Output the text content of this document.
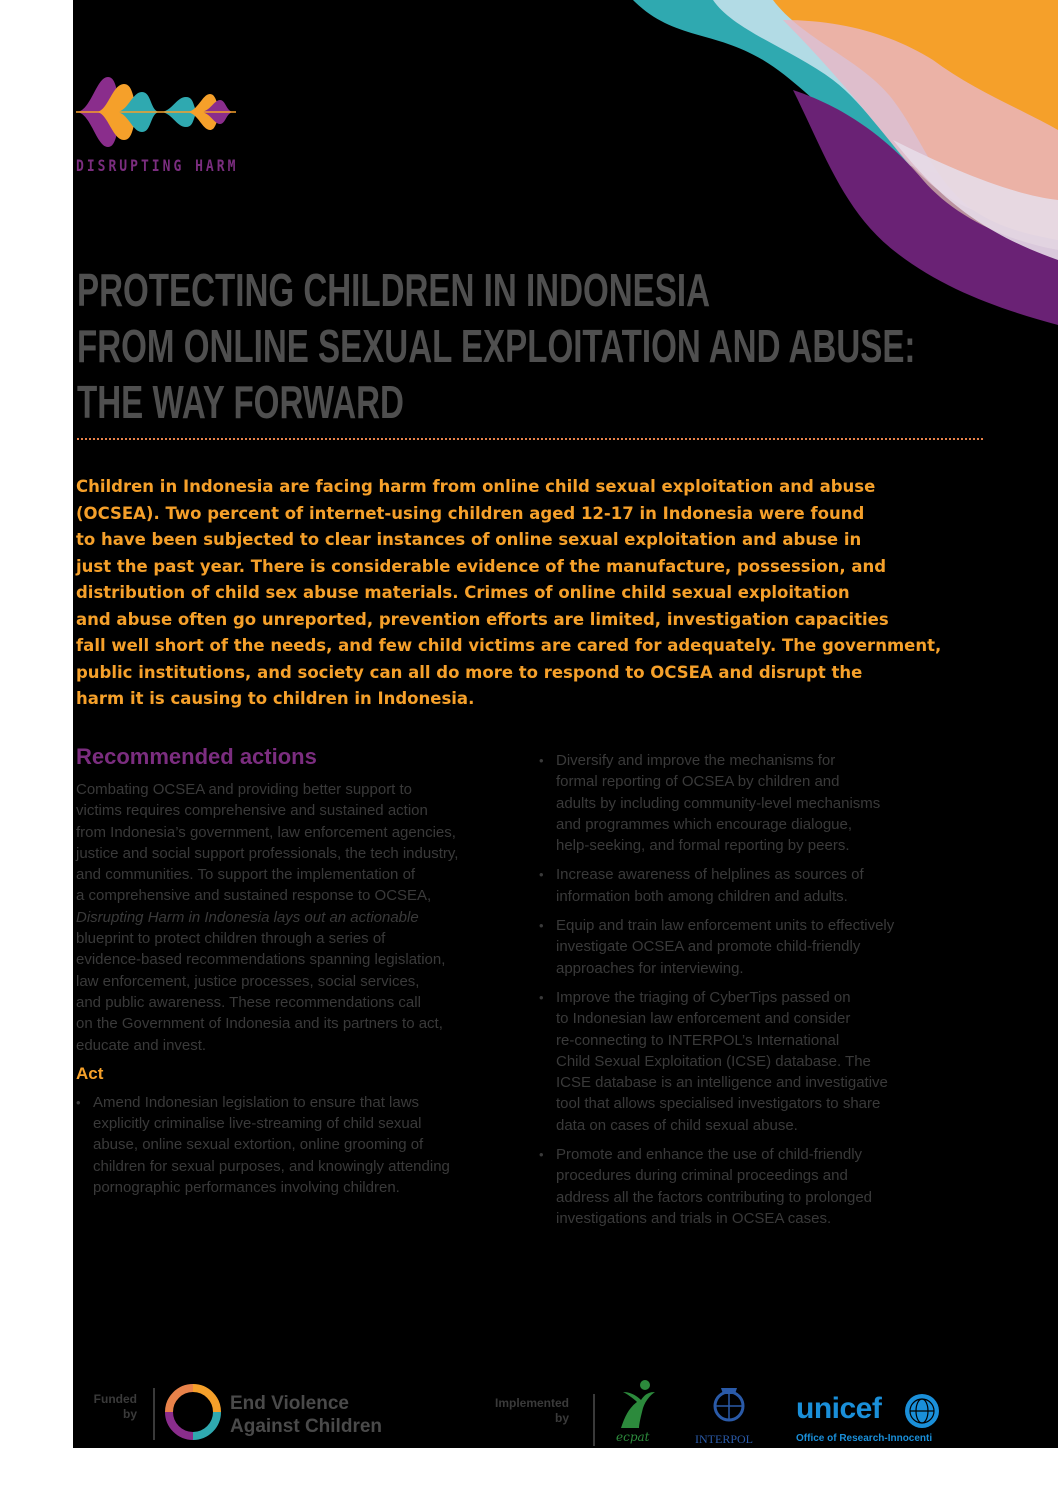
DISRUPTING HARM
PROTECTING CHILDREN IN INDONESIA
FROM ONLINE SEXUAL EXPLOITATION AND ABUSE:
THE WAY FORWARD
Children in Indonesia are facing harm from online child sexual exploitation and abuse
(OCSEA). Two percent of internet-using children aged 12-17 in Indonesia were found
to have been subjected to clear instances of online sexual exploitation and abuse in
just the past year. There is considerable evidence of the manufacture, possession, and
distribution of child sex abuse materials. Crimes of online child sexual exploitation
and abuse often go unreported, prevention efforts are limited, investigation capacities
fall well short of the needs, and few child victims are cared for adequately. The government,
public institutions, and society can all do more to respond to OCSEA and disrupt the
harm it is causing to children in Indonesia.
Recommended actions
Combating OCSEA and providing better support to
victims requires comprehensive and sustained action
from Indonesia’s government, law enforcement agencies,
justice and social support professionals, the tech industry,
and communities. To support the implementation of
a comprehensive and sustained response to OCSEA,
Disrupting Harm in Indonesia lays out an actionable
blueprint to protect children through a series of
evidence-based recommendations spanning legislation,
law enforcement, justice processes, social services,
and public awareness. These recommendations call
on the Government of Indonesia and its partners to act,
educate and invest.
Act
• Amend Indonesian legislation to ensure that laws
explicitly criminalise live-streaming of child sexual
abuse, online sexual extortion, online grooming of
children for sexual purposes, and knowingly attending
pornographic performances involving children.
• Diversify and improve the mechanisms for
formal reporting of OCSEA by children and
adults by including community-level mechanisms
and programmes which encourage dialogue,
help-seeking, and formal reporting by peers.
• Increase awareness of helplines as sources of
information both among children and adults.
• Equip and train law enforcement units to effectively
investigate OCSEA and promote child-friendly
approaches for interviewing.
• Improve the triaging of CyberTips passed on
to Indonesian law enforcement and consider
re-connecting to INTERPOL’s International
Child Sexual Exploitation (ICSE) database. The
ICSE database is an intelligence and investigative
tool that allows specialised investigators to share
data on cases of child sexual abuse.
• Promote and enhance the use of child-friendly
procedures during criminal proceedings and
address all the factors contributing to prolonged
investigations and trials in OCSEA cases.
Funded
by	End Violence
Against Children
Implemented
by
ecpat	INTERPOL
unicef
Office of Research-Innocenti
